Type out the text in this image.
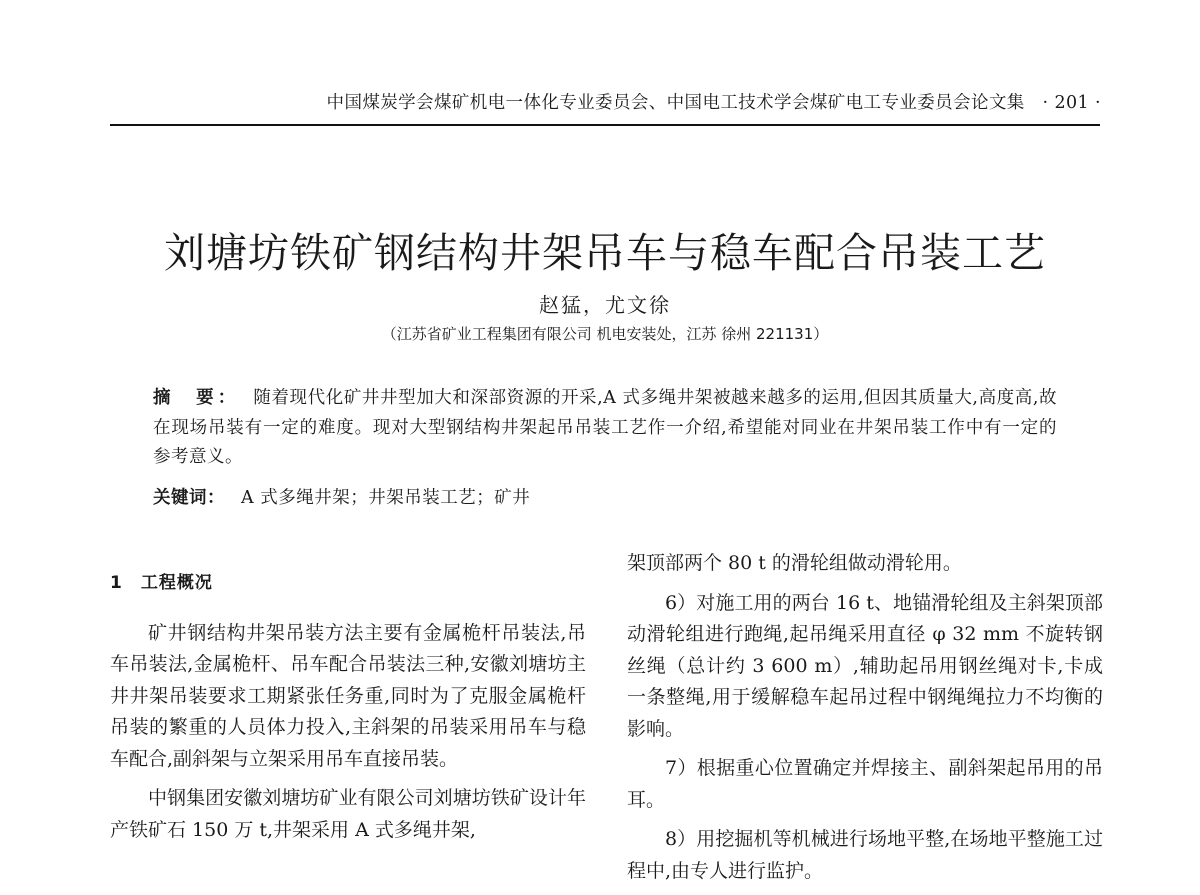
中国煤炭学会煤矿机电一体化专业委员会、中国电工技术学会煤矿电工专业委员会论文集　· 201 ·
刘塘坊铁矿钢结构井架吊车与稳车配合吊装工艺
赵猛，尤文徐
（江苏省矿业工程集团有限公司 机电安装处，江苏 徐州 221131）
摘　要： 随着现代化矿井井型加大和深部资源的开采,A 式多绳井架被越来越多的运用,但因其质量大,高度高,故在现场吊装有一定的难度。现对大型钢结构井架起吊吊装工艺作一介绍,希望能对同业在井架吊装工作中有一定的参考意义。
关键词： A 式多绳井架；井架吊装工艺；矿井
1 工程概况

矿井钢结构井架吊装方法主要有金属桅杆吊装法,吊车吊装法,金属桅杆、吊车配合吊装法三种,安徽刘塘坊主井井架吊装要求工期紧张任务重,同时为了克服金属桅杆吊装的繁重的人员体力投入,主斜架的吊装采用吊车与稳车配合,副斜架与立架采用吊车直接吊装。

中钢集团安徽刘塘坊矿业有限公司刘塘坊铁矿设计年产铁矿石 150 万 t,井架采用 A 式多绳井架,

架顶部两个 80 t 的滑轮组做动滑轮用。

6）对施工用的两台 16 t、地锚滑轮组及主斜架顶部动滑轮组进行跑绳,起吊绳采用直径 φ 32 mm 不旋转钢丝绳（总计约 3 600 m）,辅助起吊用钢丝绳对卡,卡成一条整绳,用于缓解稳车起吊过程中钢绳绳拉力不均衡的影响。

7）根据重心位置确定并焊接主、副斜架起吊用的吊耳。

8）用挖掘机等机械进行场地平整,在场地平整施工过程中,由专人进行监护。
